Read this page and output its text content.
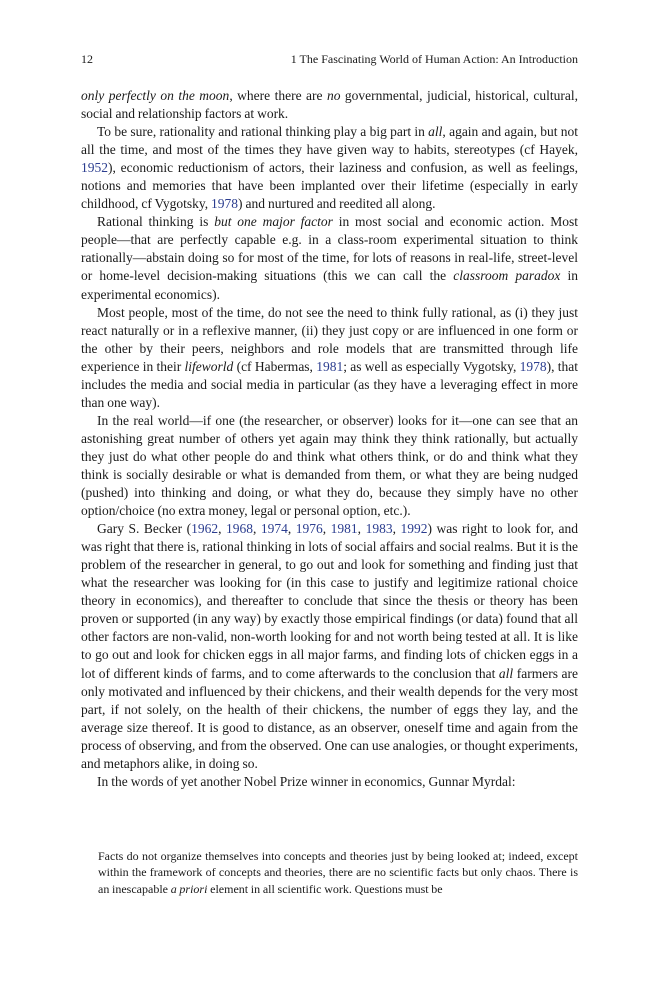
12	1 The Fascinating World of Human Action: An Introduction

only perfectly on the moon, where there are no governmental, judicial, historical, cultural, social and relationship factors at work.

To be sure, rationality and rational thinking play a big part in all, again and again, but not all the time, and most of the times they have given way to habits, stereotypes (cf Hayek, 1952), economic reductionism of actors, their laziness and confusion, as well as feelings, notions and memories that have been implanted over their lifetime (especially in early childhood, cf Vygotsky, 1978) and nurtured and reedited all along.

Rational thinking is but one major factor in most social and economic action. Most people—that are perfectly capable e.g. in a class-room experimental situation to think rationally—abstain doing so for most of the time, for lots of reasons in real-life, street-level or home-level decision-making situations (this we can call the classroom paradox in experimental economics).

Most people, most of the time, do not see the need to think fully rational, as (i) they just react naturally or in a reflexive manner, (ii) they just copy or are influenced in one form or the other by their peers, neighbors and role models that are transmitted through life experience in their lifeworld (cf Habermas, 1981; as well as especially Vygotsky, 1978), that includes the media and social media in particular (as they have a leveraging effect in more than one way).

In the real world—if one (the researcher, or observer) looks for it—one can see that an astonishing great number of others yet again may think they think rationally, but actually they just do what other people do and think what others think, or do and think what they think is socially desirable or what is demanded from them, or what they are being nudged (pushed) into thinking and doing, or what they do, because they simply have no other option/choice (no extra money, legal or personal option, etc.).

Gary S. Becker (1962, 1968, 1974, 1976, 1981, 1983, 1992) was right to look for, and was right that there is, rational thinking in lots of social affairs and social realms. But it is the problem of the researcher in general, to go out and look for something and finding just that what the researcher was looking for (in this case to justify and legitimize rational choice theory in economics), and thereafter to conclude that since the thesis or theory has been proven or supported (in any way) by exactly those empirical findings (or data) found that all other factors are non-valid, non-worth looking for and not worth being tested at all. It is like to go out and look for chicken eggs in all major farms, and finding lots of chicken eggs in a lot of different kinds of farms, and to come afterwards to the conclusion that all farmers are only motivated and influenced by their chickens, and their wealth depends for the very most part, if not solely, on the health of their chickens, the number of eggs they lay, and the average size thereof. It is good to distance, as an observer, oneself time and again from the process of observing, and from the observed. One can use analogies, or thought experiments, and metaphors alike, in doing so.

In the words of yet another Nobel Prize winner in economics, Gunnar Myrdal:

Facts do not organize themselves into concepts and theories just by being looked at; indeed, except within the framework of concepts and theories, there are no scientific facts but only chaos. There is an inescapable a priori element in all scientific work. Questions must be
